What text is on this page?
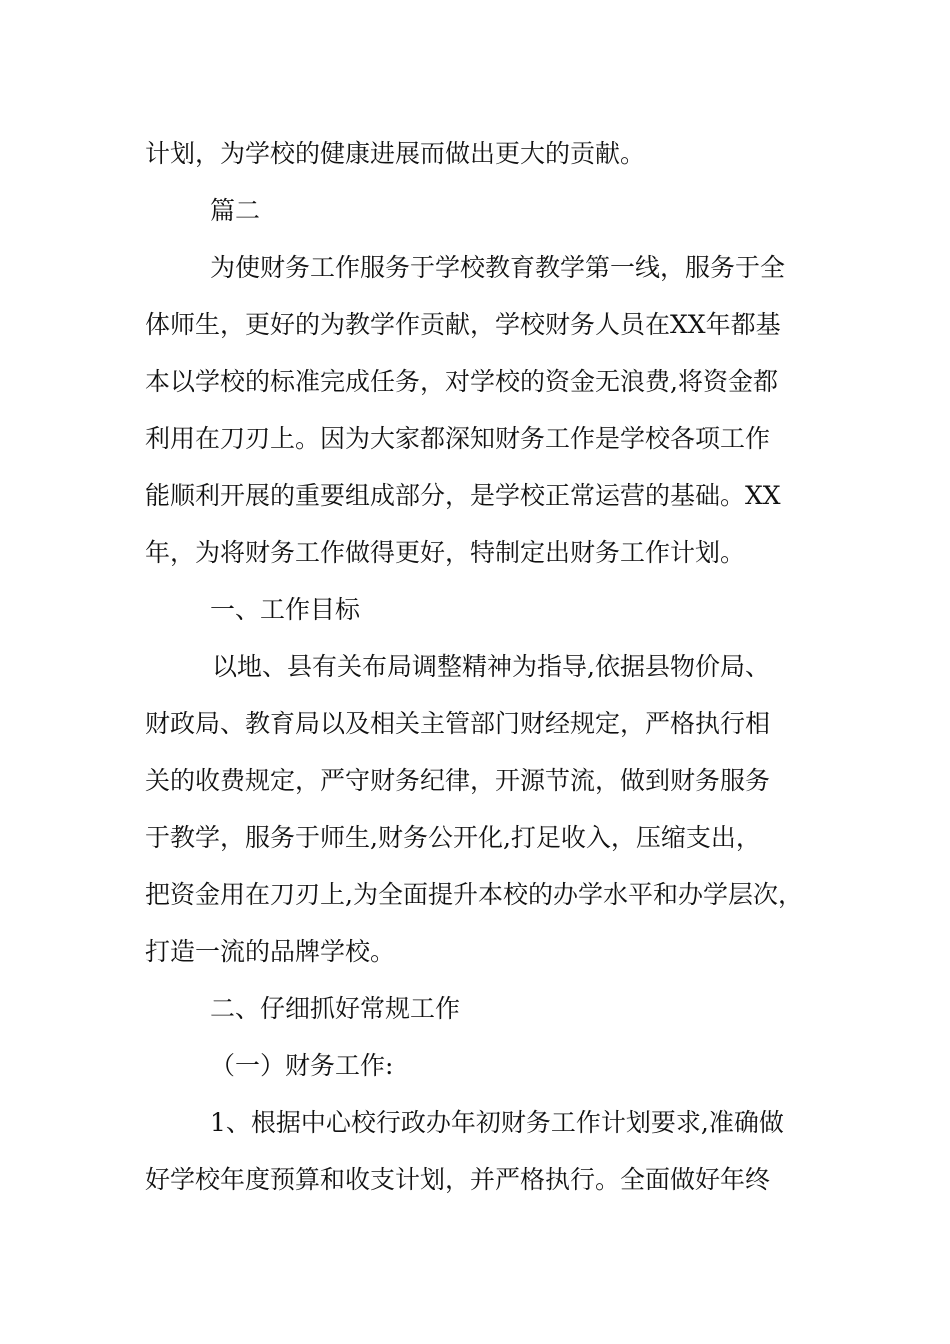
计划，为学校的健康进展而做出更大的贡献。
篇二
为使财务工作服务于学校教育教学第一线，服务于全
体师生，更好的为教学作贡献，学校财务人员在XX年都基
本以学校的标准完成任务，对学校的资金无浪费,将资金都
利用在刀刃上。因为大家都深知财务工作是学校各项工作
能顺利开展的重要组成部分，是学校正常运营的基础。XX
年，为将财务工作做得更好，特制定出财务工作计划。
一、工作目标
以地、县有关布局调整精神为指导,依据县物价局、
财政局、教育局以及相关主管部门财经规定，严格执行相
关的收费规定，严守财务纪律，开源节流，做到财务服务
于教学，服务于师生,财务公开化,打足收入，压缩支出，
把资金用在刀刃上,为全面提升本校的办学水平和办学层次，
打造一流的品牌学校。
二、仔细抓好常规工作
（一）财务工作:
1、根据中心校行政办年初财务工作计划要求,准确做
好学校年度预算和收支计划，并严格执行。全面做好年终
